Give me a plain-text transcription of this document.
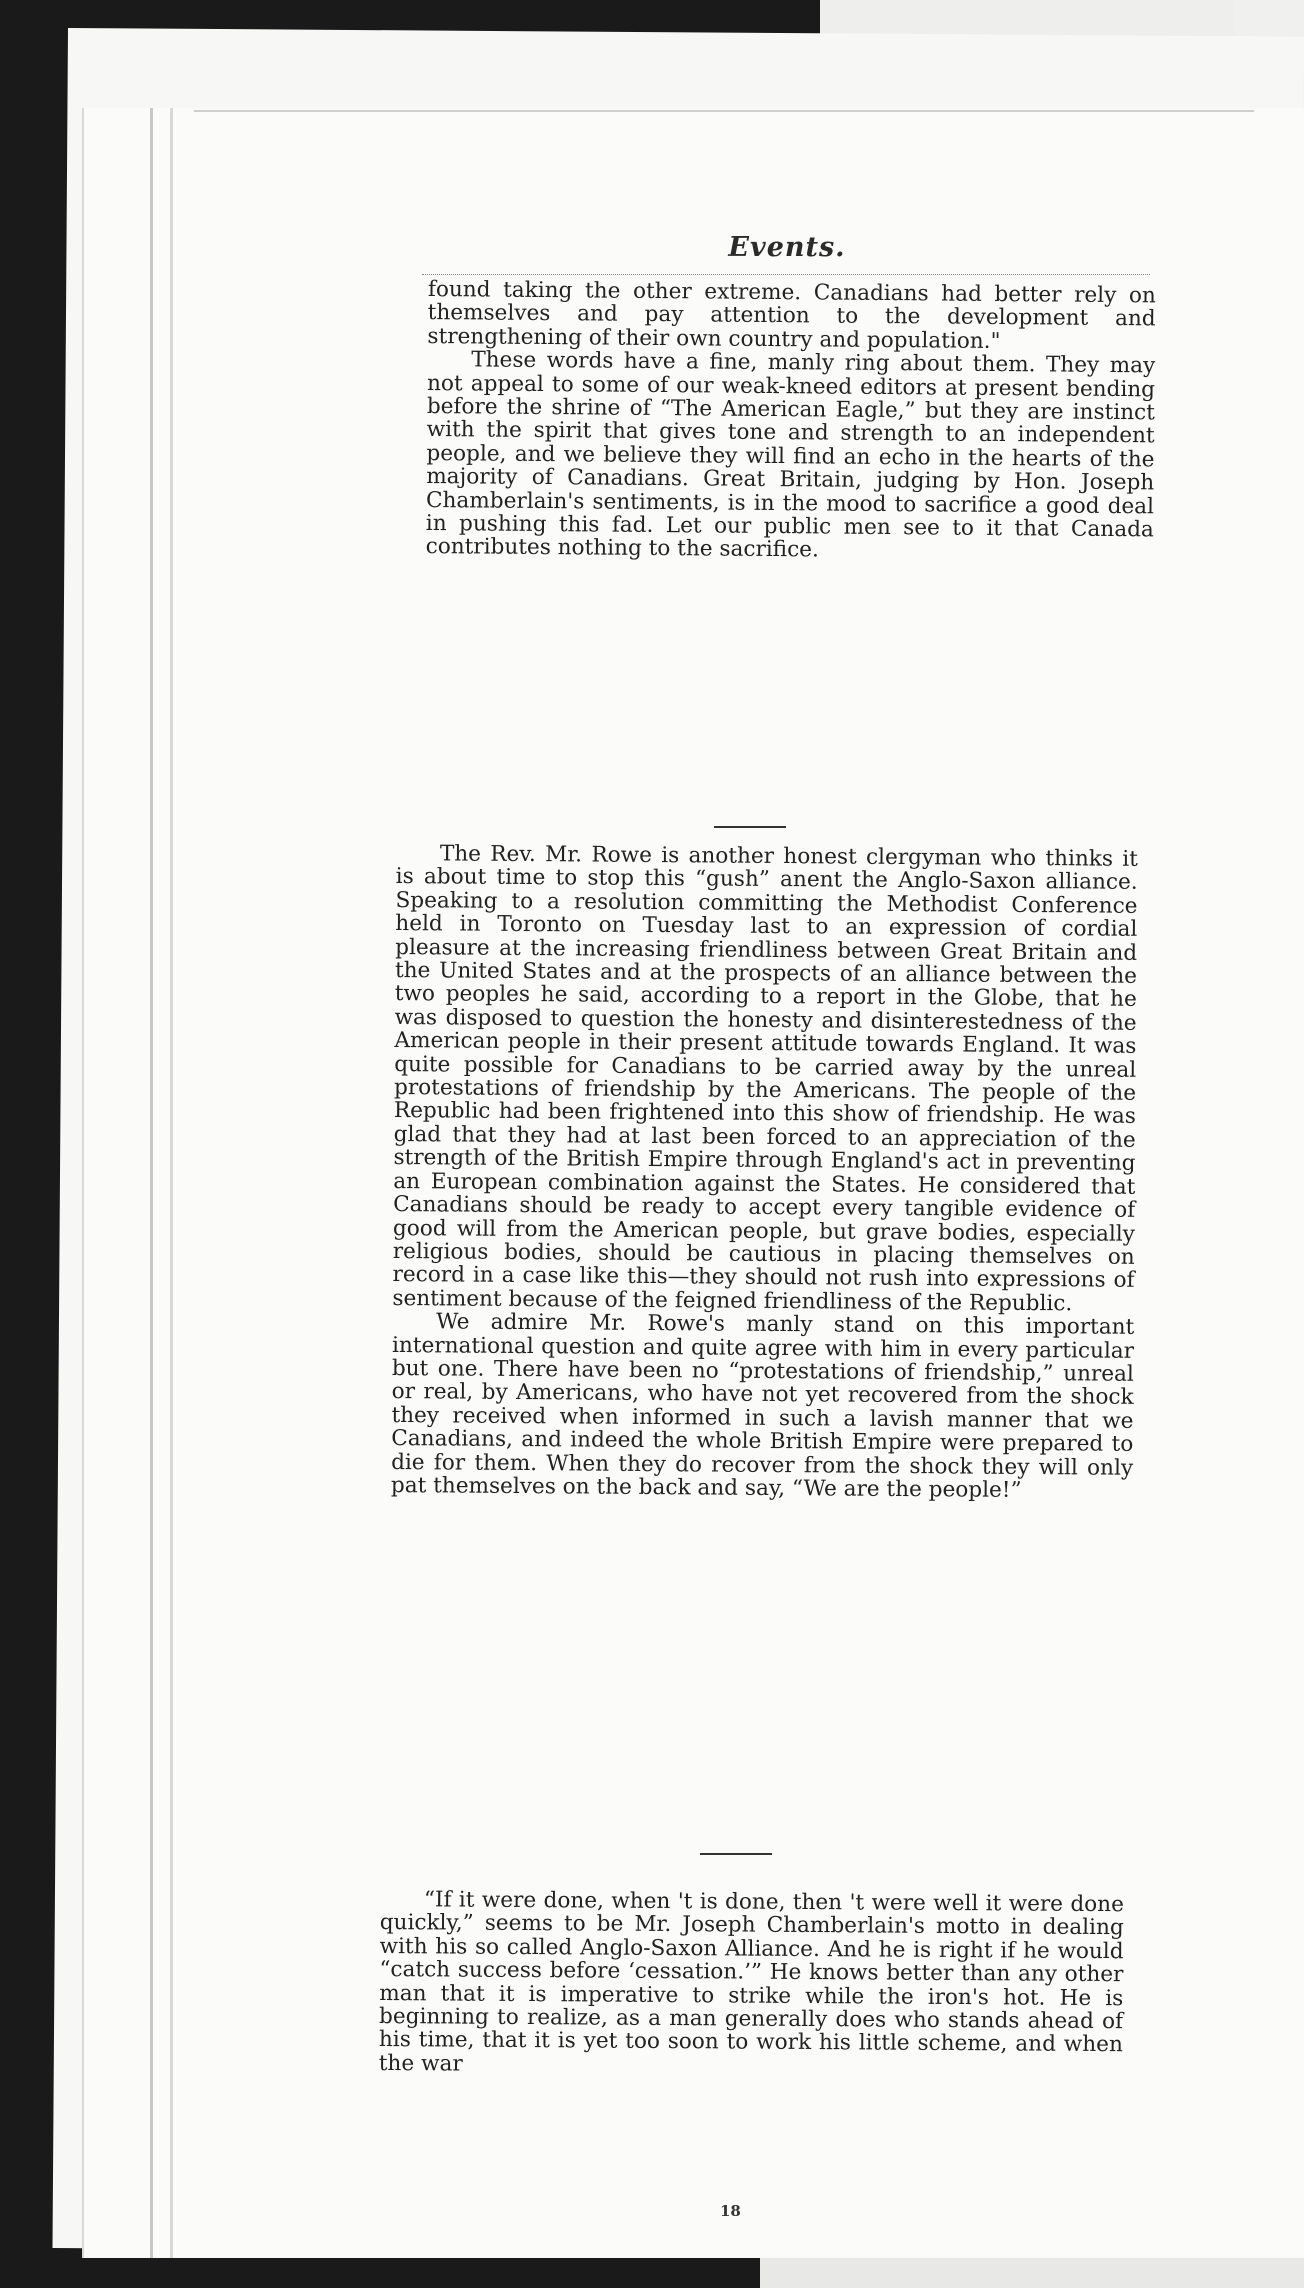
Events.

found taking the other extreme. Canadians had better rely on themselves and pay attention to the development and strengthening of their own country and population."

These words have a fine, manly ring about them. They may not appeal to some of our weak-kneed editors at present bending before the shrine of “The American Eagle,” but they are instinct with the spirit that gives tone and strength to an independent people, and we believe they will find an echo in the hearts of the majority of Canadians. Great Britain, judging by Hon. Joseph Chamberlain's sentiments, is in the mood to sacrifice a good deal in pushing this fad. Let our public men see to it that Canada contributes nothing to the sacrifice.

The Rev. Mr. Rowe is another honest clergyman who thinks it is about time to stop this “gush” anent the Anglo-Saxon alliance. Speaking to a resolution committing the Methodist Conference held in Toronto on Tuesday last to an expression of cordial pleasure at the increasing friendliness between Great Britain and the United States and at the prospects of an alliance between the two peoples he said, according to a report in the Globe, that he was disposed to question the honesty and disinterestedness of the American people in their present attitude towards England. It was quite possible for Canadians to be carried away by the unreal protestations of friendship by the Americans. The people of the Republic had been frightened into this show of friendship. He was glad that they had at last been forced to an appreciation of the strength of the British Empire through England's act in preventing an European combination against the States. He considered that Canadians should be ready to accept every tangible evidence of good will from the American people, but grave bodies, especially religious bodies, should be cautious in placing themselves on record in a case like this—they should not rush into expressions of sentiment because of the feigned friendliness of the Republic.

We admire Mr. Rowe's manly stand on this important international question and quite agree with him in every particular but one. There have been no “protestations of friendship,” unreal or real, by Americans, who have not yet recovered from the shock they received when informed in such a lavish manner that we Canadians, and indeed the whole British Empire were prepared to die for them. When they do recover from the shock they will only pat themselves on the back and say, “We are the people!”

“If it were done, when 't is done, then 't were well it were done quickly,” seems to be Mr. Joseph Chamberlain's motto in dealing with his so called Anglo-Saxon Alliance. And he is right if he would “catch success before ‘cessation.’” He knows better than any other man that it is imperative to strike while the iron's hot. He is beginning to realize, as a man generally does who stands ahead of his time, that it is yet too soon to work his little scheme, and when the war

18
